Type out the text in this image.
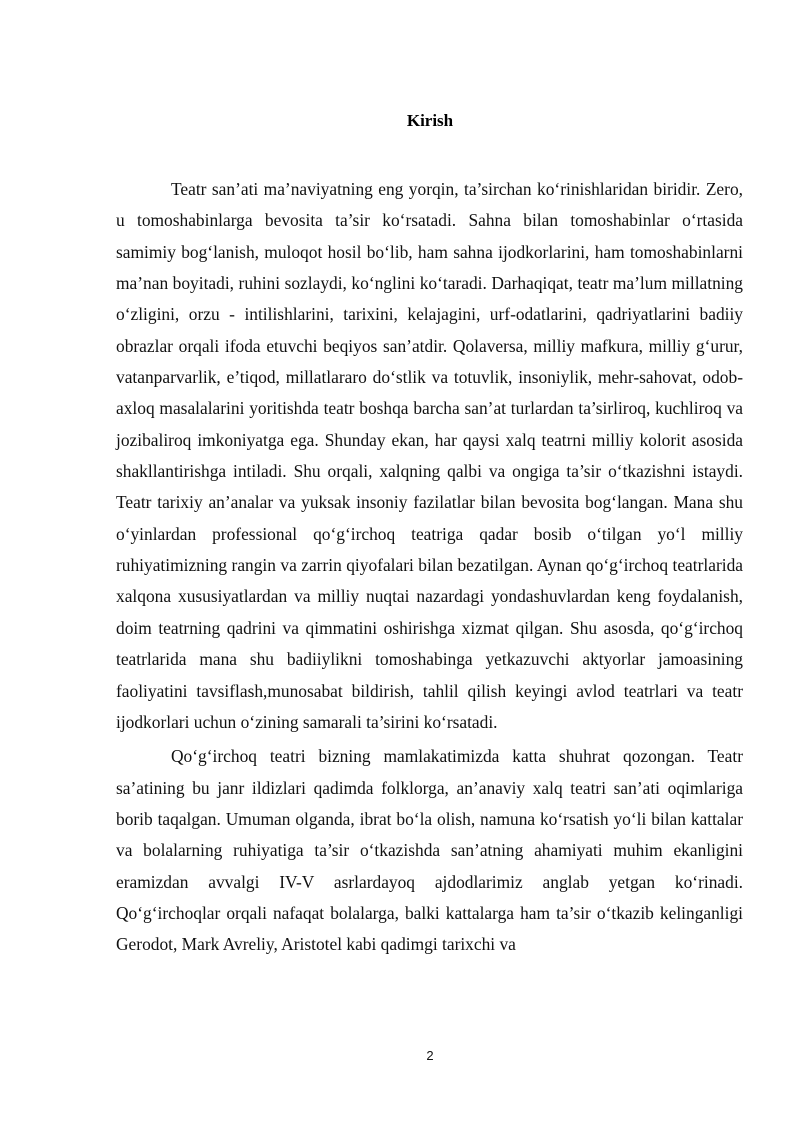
Kirish

Teatr san’ati ma’naviyatning eng yorqin, ta’sirchan ko‘rinishlaridan biridir. Zero, u tomoshabinlarga bevosita ta’sir ko‘rsatadi. Sahna bilan tomoshabinlar o‘rtasida samimiy bog‘lanish, muloqot hosil bo‘lib, ham sahna ijodkorlarini, ham tomoshabinlarni ma’nan boyitadi, ruhini sozlaydi, ko‘nglini ko‘taradi. Darhaqiqat, teatr ma’lum millatning o‘zligini, orzu - intilishlarini, tarixini, kelajagini, urf-odatlarini, qadriyatlarini badiiy obrazlar orqali ifoda etuvchi beqiyos san’atdir. Qolaversa, milliy mafkura, milliy g‘urur, vatanparvarlik, e’tiqod, millatlararo do‘stlik va totuvlik, insoniylik, mehr-sahovat, odob-axloq masalalarini yoritishda teatr boshqa barcha san’at turlardan ta’sirliroq, kuchliroq va jozibaliroq imkoniyatga ega. Shunday ekan, har qaysi xalq teatrni milliy kolorit asosida shakllantirishga intiladi. Shu orqali, xalqning qalbi va ongiga ta’sir o‘tkazishni istaydi. Teatr tarixiy an’analar va yuksak insoniy fazilatlar bilan bevosita bog‘langan. Mana shu o‘yinlardan professional qo‘g‘irchoq teatriga qadar bosib o‘tilgan yo‘l milliy ruhiyatimizning rangin va zarrin qiyofalari bilan bezatilgan. Aynan qo‘g‘irchoq teatrlarida xalqona xususiyatlardan va milliy nuqtai nazardagi yondashuvlardan keng foydalanish, doim teatrning qadrini va qimmatini oshirishga xizmat qilgan. Shu asosda, qo‘g‘irchoq teatrlarida mana shu badiiylikni tomoshabinga yetkazuvchi aktyorlar jamoasining faoliyatini tavsiflash,munosabat bildirish, tahlil qilish keyingi avlod teatrlari va teatr ijodkorlari uchun o‘zining samarali ta’sirini ko‘rsatadi.

Qo‘g‘irchoq teatri bizning mamlakatimizda katta shuhrat qozongan. Teatr sa’atining bu janr ildizlari qadimda folklorga, an’anaviy xalq teatri san’ati oqimlariga borib taqalgan. Umuman olganda, ibrat bo‘la olish, namuna ko‘rsatish yo‘li bilan kattalar va bolalarning ruhiyatiga ta’sir o‘tkazishda san’atning ahamiyati muhim ekanligini eramizdan avvalgi IV-V asrlardayoq ajdodlarimiz anglab yetgan ko‘rinadi. Qo‘g‘irchoqlar orqali nafaqat bolalarga, balki kattalarga ham ta’sir o‘tkazib kelinganligi Gerodot, Mark Avreliy, Aristotel kabi qadimgi tarixchi va

2
